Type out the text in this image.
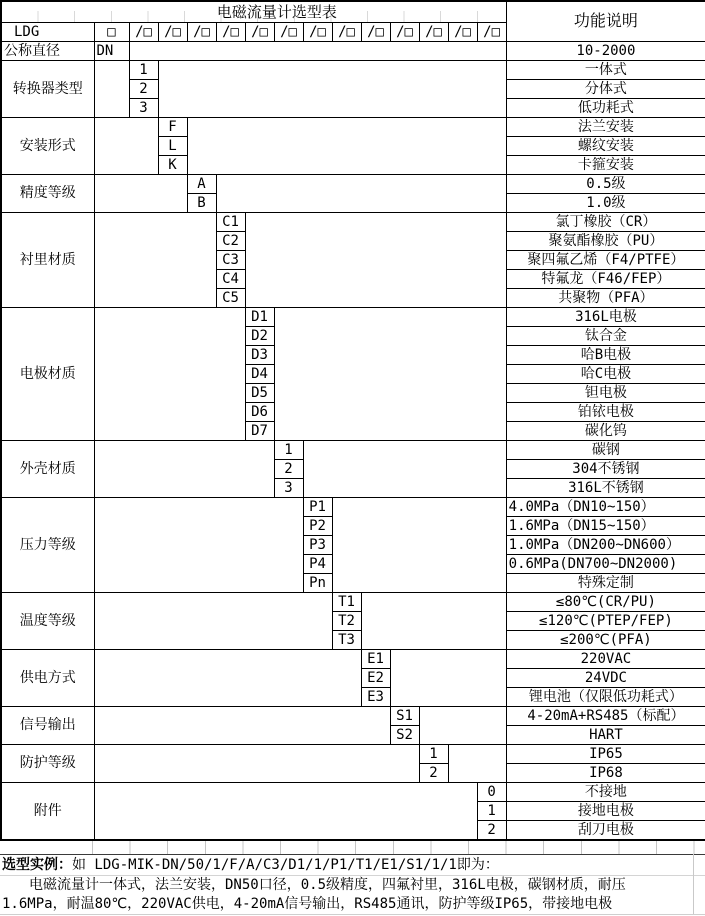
电磁流量计选型表															功能说明
LDG	□	/□	/□	/□	/□	/□	/□	/□	/□	/□	/□	/□	/□	/□	
公称直径	DN														10-2000
转换器类型		1													一体式
		2													分体式
		3													低功耗式
安装形式			F												法兰安装
			L												螺纹安装
			K												卡箍安装
精度等级				A											0.5级
				B											1.0级
衬里材质					C1										氯丁橡胶（CR）
					C2										聚氨酯橡胶（PU）
					C3										聚四氟乙烯（F4/PTFE）
					C4										特氟龙（F46/FEP）
					C5										共聚物（PFA）
电极材质						D1									316L电极
						D2									钛合金
						D3									哈B电极
						D4									哈C电极
						D5									钽电极
						D6									铂铱电极
						D7									碳化钨
外壳材质							1								碳钢
							2								304不锈钢
							3								316L不锈钢
压力等级								P1							4.0MPa（DN10~150）
								P2							1.6MPa（DN15~150）
								P3							1.0MPa（DN200~DN600）
								P4							0.6MPa(DN700~DN2000)
								Pn							特殊定制
温度等级									T1						≤80℃(CR/PU)
									T2						≤120℃(PTEP/FEP)
									T3						≤200℃(PFA)
供电方式										E1					220VAC
										E2					24VDC
										E3					锂电池（仅限低功耗式）
信号输出											S1				4-20mA+RS485（标配）
											S2				HART
防护等级												1			IP65
												2			IP68
附件														0	不接地
														1	接地电极
														2	刮刀电极
选型实例：如 LDG-MIK-DN/50/1/F/A/C3/D1/1/P1/T1/E1/S1/1/1即为：
电磁流量计一体式，法兰安装，DN50口径，0.5级精度，四氟衬里，316L电极，碳钢材质，耐压
1.6MPa，耐温80℃，220VAC供电，4-20mA信号输出，RS485通讯，防护等级IP65，带接地电极
